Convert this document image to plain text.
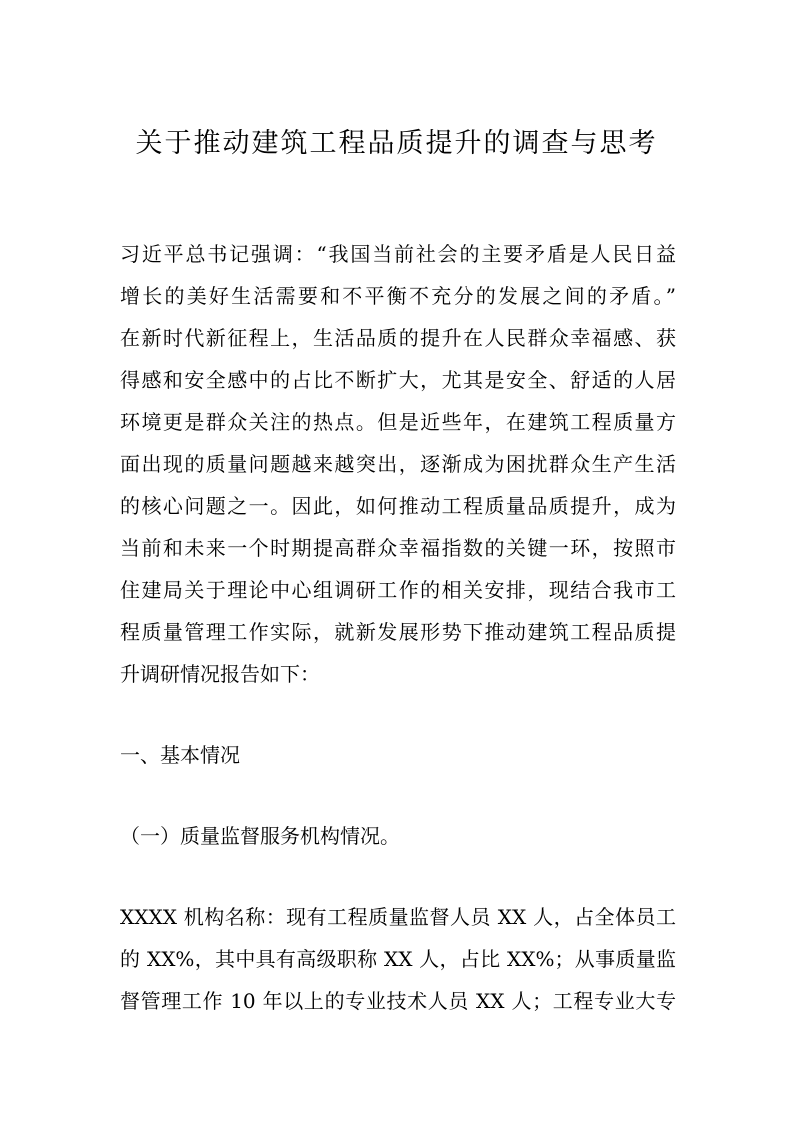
关于推动建筑工程品质提升的调查与思考
习近平总书记强调：“我国当前社会的主要矛盾是人民日益
增长的美好生活需要和不平衡不充分的发展之间的矛盾。”
在新时代新征程上，生活品质的提升在人民群众幸福感、获
得感和安全感中的占比不断扩大，尤其是安全、舒适的人居
环境更是群众关注的热点。但是近些年，在建筑工程质量方
面出现的质量问题越来越突出，逐渐成为困扰群众生产生活
的核心问题之一。因此，如何推动工程质量品质提升，成为
当前和未来一个时期提高群众幸福指数的关键一环，按照市
住建局关于理论中心组调研工作的相关安排，现结合我市工
程质量管理工作实际，就新发展形势下推动建筑工程品质提
升调研情况报告如下：
一、基本情况
（一）质量监督服务机构情况。
XXXX 机构名称：现有工程质量监督人员 XX 人，占全体员工
的 XX%，其中具有高级职称 XX 人，占比 XX%；从事质量监
督管理工作 10 年以上的专业技术人员 XX 人；工程专业大专
